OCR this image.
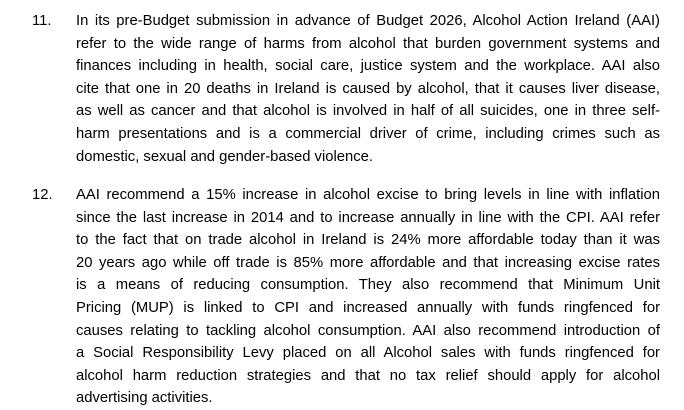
11. In its pre-Budget submission in advance of Budget 2026, Alcohol Action Ireland (AAI)
refer to the wide range of harms from alcohol that burden government systems and
finances including in health, social care, justice system and the workplace. AAI also
cite that one in 20 deaths in Ireland is caused by alcohol, that it causes liver disease,
as well as cancer and that alcohol is involved in half of all suicides, one in three self-
harm presentations and is a commercial driver of crime, including crimes such as
domestic, sexual and gender-based violence.
12. AAI recommend a 15% increase in alcohol excise to bring levels in line with inflation
since the last increase in 2014 and to increase annually in line with the CPI. AAI refer
to the fact that on trade alcohol in Ireland is 24% more affordable today than it was
20 years ago while off trade is 85% more affordable and that increasing excise rates
is a means of reducing consumption. They also recommend that Minimum Unit
Pricing (MUP) is linked to CPI and increased annually with funds ringfenced for
causes relating to tackling alcohol consumption. AAI also recommend introduction of
a Social Responsibility Levy placed on all Alcohol sales with funds ringfenced for
alcohol harm reduction strategies and that no tax relief should apply for alcohol
advertising activities.
